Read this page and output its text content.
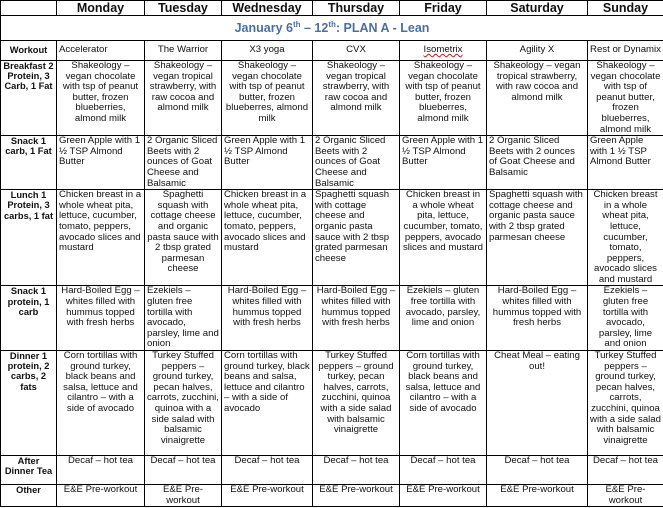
	Monday	Tuesday	Wednesday	Thursday	Friday	Saturday	Sunday
January 6th – 12th: PLAN A - Lean							
Workout	Accelerator	The Warrior	X3 yoga	CVX	Isometrix	Agility X	Rest or Dynamix
Breakfast 2 Protein, 3 Carb, 1 Fat	Shakeology – vegan chocolate with tsp of peanut butter, frozen blueberries, almond milk	Shakeology – vegan tropical strawberry, with raw cocoa and almond milk	Shakeology – vegan chocolate with tsp of peanut butter, frozen blueberres, almond milk	Shakeology – vegan tropical strawberry, with raw cocoa and almond milk	Shakeology – vegan chocolate with tsp of peanut butter, frozen blueberres, almond milk	Shakeology – vegan tropical strawberry, with raw cocoa and almond milk	Shakeology – vegan chocolate with tsp of peanut butter, frozen blueberres, almond milk
Snack 1 carb, 1 Fat	Green Apple with 1 ½ TSP Almond Butter	2 Organic Sliced Beets with 2 ounces of Goat Cheese and Balsamic	Green Apple with 1 ½ TSP Almond Butter	2 Organic Sliced Beets with 2 ounces of Goat Cheese and Balsamic	Green Apple with 1 ½ TSP Almond Butter	2 Organic Sliced Beets with 2 ounces of Goat Cheese and Balsamic	Green Apple with 1 ½ TSP Almond Butter
Lunch 1 Protein, 3 carbs, 1 fat	Chicken breast in a whole wheat pita, lettuce, cucumber, tomato, peppers, avocado slices and mustard	Spaghetti squash with cottage cheese and organic pasta sauce with 2 tbsp grated parmesan cheese	Chicken breast in a whole wheat pita, lettuce, cucumber, tomato, peppers, avocado slices and mustard	Spaghetti squash with cottage cheese and organic pasta sauce with 2 tbsp grated parmesan cheese	Chicken breast in a whole wheat pita, lettuce, cucumber, tomato, peppers, avocado slices and mustard	Spaghetti squash with cottage cheese and organic pasta sauce with 2 tbsp grated parmesan cheese	Chicken breast in a whole wheat pita, lettuce, cucumber, tomato, peppers, avocado slices and mustard
Snack 1 protein, 1 carb	Hard-Boiled Egg – whites filled with hummus topped with fresh herbs	Ezekiels – gluten free tortilla with avocado, parsley, lime and onion	Hard-Boiled Egg – whites filled with hummus topped with fresh herbs	Hard-Boiled Egg – whites filled with hummus topped with fresh herbs	Ezekiels – gluten free tortilla with avocado, parsley, lime and onion	Hard-Boiled Egg – whites filled with hummus topped with fresh herbs	Ezekiels – gluten free tortilla with avocado, parsley, lime and onion
Dinner 1 protein, 2 carbs, 2 fats	Corn tortillas with ground turkey, black beans and salsa, lettuce and cilantro – with a side of avocado	Turkey Stuffed peppers – ground turkey, pecan halves, carrots, zucchini, quinoa with a side salad with balsamic vinaigrette	Corn tortillas with ground turkey, black beans and salsa, lettuce and cilantro – with a side of avocado	Turkey Stuffed peppers – ground turkey, pecan halves, carrots, zucchini, quinoa with a side salad with balsamic vinaigrette	Corn tortillas with ground turkey, black beans and salsa, lettuce and cilantro – with a side of avocado	Cheat Meal – eating out!	Turkey Stuffed peppers – ground turkey, pecan halves, carrots, zucchini, quinoa with a side salad with balsamic vinaigrette
After Dinner Tea	Decaf – hot tea	Decaf – hot tea	Decaf – hot tea	Decaf – hot tea	Decaf – hot tea	Decaf – hot tea	Decaf – hot tea
Other	E&E Pre-workout	E&E Pre-workout	E&E Pre-workout	E&E Pre-workout	E&E Pre-workout	E&E Pre-workout	E&E Pre-workout
